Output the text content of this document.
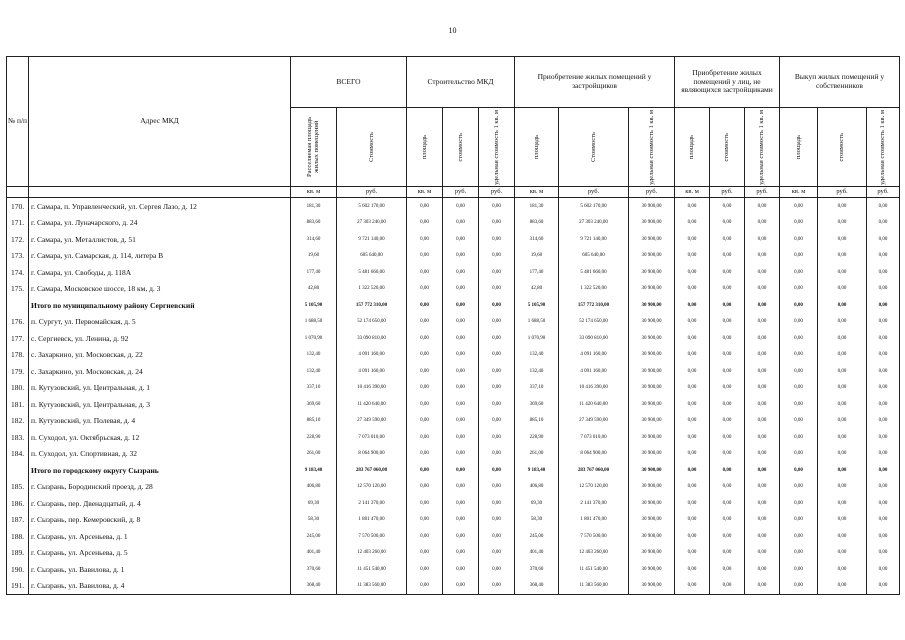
10
№ п/п	Адрес МКД	ВСЕГО		Строительство МКД			Приобретение жилых помещений у застройщиков			Приобретение жилых помещений у лиц, не являющихся застройщиками			Выкуп жилых помещений у собственников		

		Расселяемая площадь жилых помещений	Стоимость	площадь	стоимость	удельная стоимость 1 кв. м	площадь	Стоимость	удельная стоимость 1 кв. м	площадь	стоимость	удельная стоимость 1 кв. м	площадь	стоимость	удельная стоимость 1 кв. м

		кв. м	руб.	кв. м	руб.	руб.	кв. м	руб.	руб.	кв. м	руб.	руб.	кв. м	руб.	руб.
170.	г. Самара, п. Управленческий, ул. Сергея Лазо, д. 12	181,30	5 602 170,00	0,00	0,00	0,00	181,30	5 602 170,00	30 900,00	0,00	0,00	0,00	0,00	0,00	0,00
171.	г. Самара, ул. Луначарского, д. 24	883,60	27 303 240,00	0,00	0,00	0,00	883,60	27 303 240,00	30 900,00	0,00	0,00	0,00	0,00	0,00	0,00
172.	г. Самара, ул. Металлистов, д. 51	314,60	9 721 140,00	0,00	0,00	0,00	314,60	9 721 140,00	30 900,00	0,00	0,00	0,00	0,00	0,00	0,00
173.	г. Самара, ул. Самарская, д. 114, литера В	19,60	605 640,00	0,00	0,00	0,00	19,60	605 640,00	30 900,00	0,00	0,00	0,00	0,00	0,00	0,00
174.	г. Самара, ул. Свободы, д. 118А	177,40	5 481 660,00	0,00	0,00	0,00	177,40	5 481 660,00	30 900,00	0,00	0,00	0,00	0,00	0,00	0,00
175.	г. Самара, Московское шоссе, 18 км, д. 3	42,80	1 322 520,00	0,00	0,00	0,00	42,80	1 322 520,00	30 900,00	0,00	0,00	0,00	0,00	0,00	0,00
	Итого по муниципальному району Сергиевский	5 105,90	157 772 310,00	0,00	0,00	0,00	5 105,90	157 772 310,00	30 900,00	0,00	0,00	0,00	0,00	0,00	0,00
176.	п. Сургут, ул. Первомайская, д. 5	1 688,50	52 174 650,00	0,00	0,00	0,00	1 688,50	52 174 650,00	30 900,00	0,00	0,00	0,00	0,00	0,00	0,00
177.	с. Сергиевск, ул. Ленина, д. 92	1 070,90	33 090 810,00	0,00	0,00	0,00	1 070,90	33 090 810,00	30 900,00	0,00	0,00	0,00	0,00	0,00	0,00
178.	с. Захаркино, ул. Московская, д. 22	132,40	4 091 160,00	0,00	0,00	0,00	132,40	4 091 160,00	30 900,00	0,00	0,00	0,00	0,00	0,00	0,00
179.	с. Захаркино, ул. Московская, д. 24	132,40	4 091 160,00	0,00	0,00	0,00	132,40	4 091 160,00	30 900,00	0,00	0,00	0,00	0,00	0,00	0,00
180.	п. Кутузовский, ул. Центральная, д. 1	337,10	10 416 390,00	0,00	0,00	0,00	337,10	10 416 390,00	30 900,00	0,00	0,00	0,00	0,00	0,00	0,00
181.	п. Кутузовский, ул. Центральная, д. 3	369,60	11 420 640,00	0,00	0,00	0,00	369,60	11 420 640,00	30 900,00	0,00	0,00	0,00	0,00	0,00	0,00
182.	п. Кутузовский, ул. Полевая, д. 4	885,10	27 349 590,00	0,00	0,00	0,00	885,10	27 349 590,00	30 900,00	0,00	0,00	0,00	0,00	0,00	0,00
183.	п. Суходол, ул. Октябрьская, д. 12	228,90	7 073 010,00	0,00	0,00	0,00	228,90	7 073 010,00	30 900,00	0,00	0,00	0,00	0,00	0,00	0,00
184.	п. Суходол, ул. Спортивная, д. 32	261,00	8 064 900,00	0,00	0,00	0,00	261,00	8 064 900,00	30 900,00	0,00	0,00	0,00	0,00	0,00	0,00
	Итого по городскому округу Сызрань	9 183,40	283 767 060,00	0,00	0,00	0,00	9 183,40	283 767 060,00	30 900,00	0,00	0,00	0,00	0,00	0,00	0,00
185.	г. Сызрань, Бородинский проезд, д. 28	406,80	12 570 120,00	0,00	0,00	0,00	406,80	12 570 120,00	30 900,00	0,00	0,00	0,00	0,00	0,00	0,00
186.	г. Сызрань, пер. Двенадцатый, д. 4	69,30	2 141 370,00	0,00	0,00	0,00	69,30	2 141 370,00	30 900,00	0,00	0,00	0,00	0,00	0,00	0,00
187.	г. Сызрань, пер. Кемеровский, д. 8	58,30	1 801 470,00	0,00	0,00	0,00	58,30	1 801 470,00	30 900,00	0,00	0,00	0,00	0,00	0,00	0,00
188.	г. Сызрань, ул. Арсеньева, д. 1	245,00	7 570 500,00	0,00	0,00	0,00	245,00	7 570 500,00	30 900,00	0,00	0,00	0,00	0,00	0,00	0,00
189.	г. Сызрань, ул. Арсеньева, д. 5	401,40	12 403 260,00	0,00	0,00	0,00	401,40	12 403 260,00	30 900,00	0,00	0,00	0,00	0,00	0,00	0,00
190.	г. Сызрань, ул. Вавилова, д. 1	370,60	11 451 540,00	0,00	0,00	0,00	370,60	11 451 540,00	30 900,00	0,00	0,00	0,00	0,00	0,00	0,00
191.	г. Сызрань, ул. Вавилова, д. 4	368,40	11 383 560,00	0,00	0,00	0,00	368,40	11 383 560,00	30 900,00	0,00	0,00	0,00	0,00	0,00	0,00
